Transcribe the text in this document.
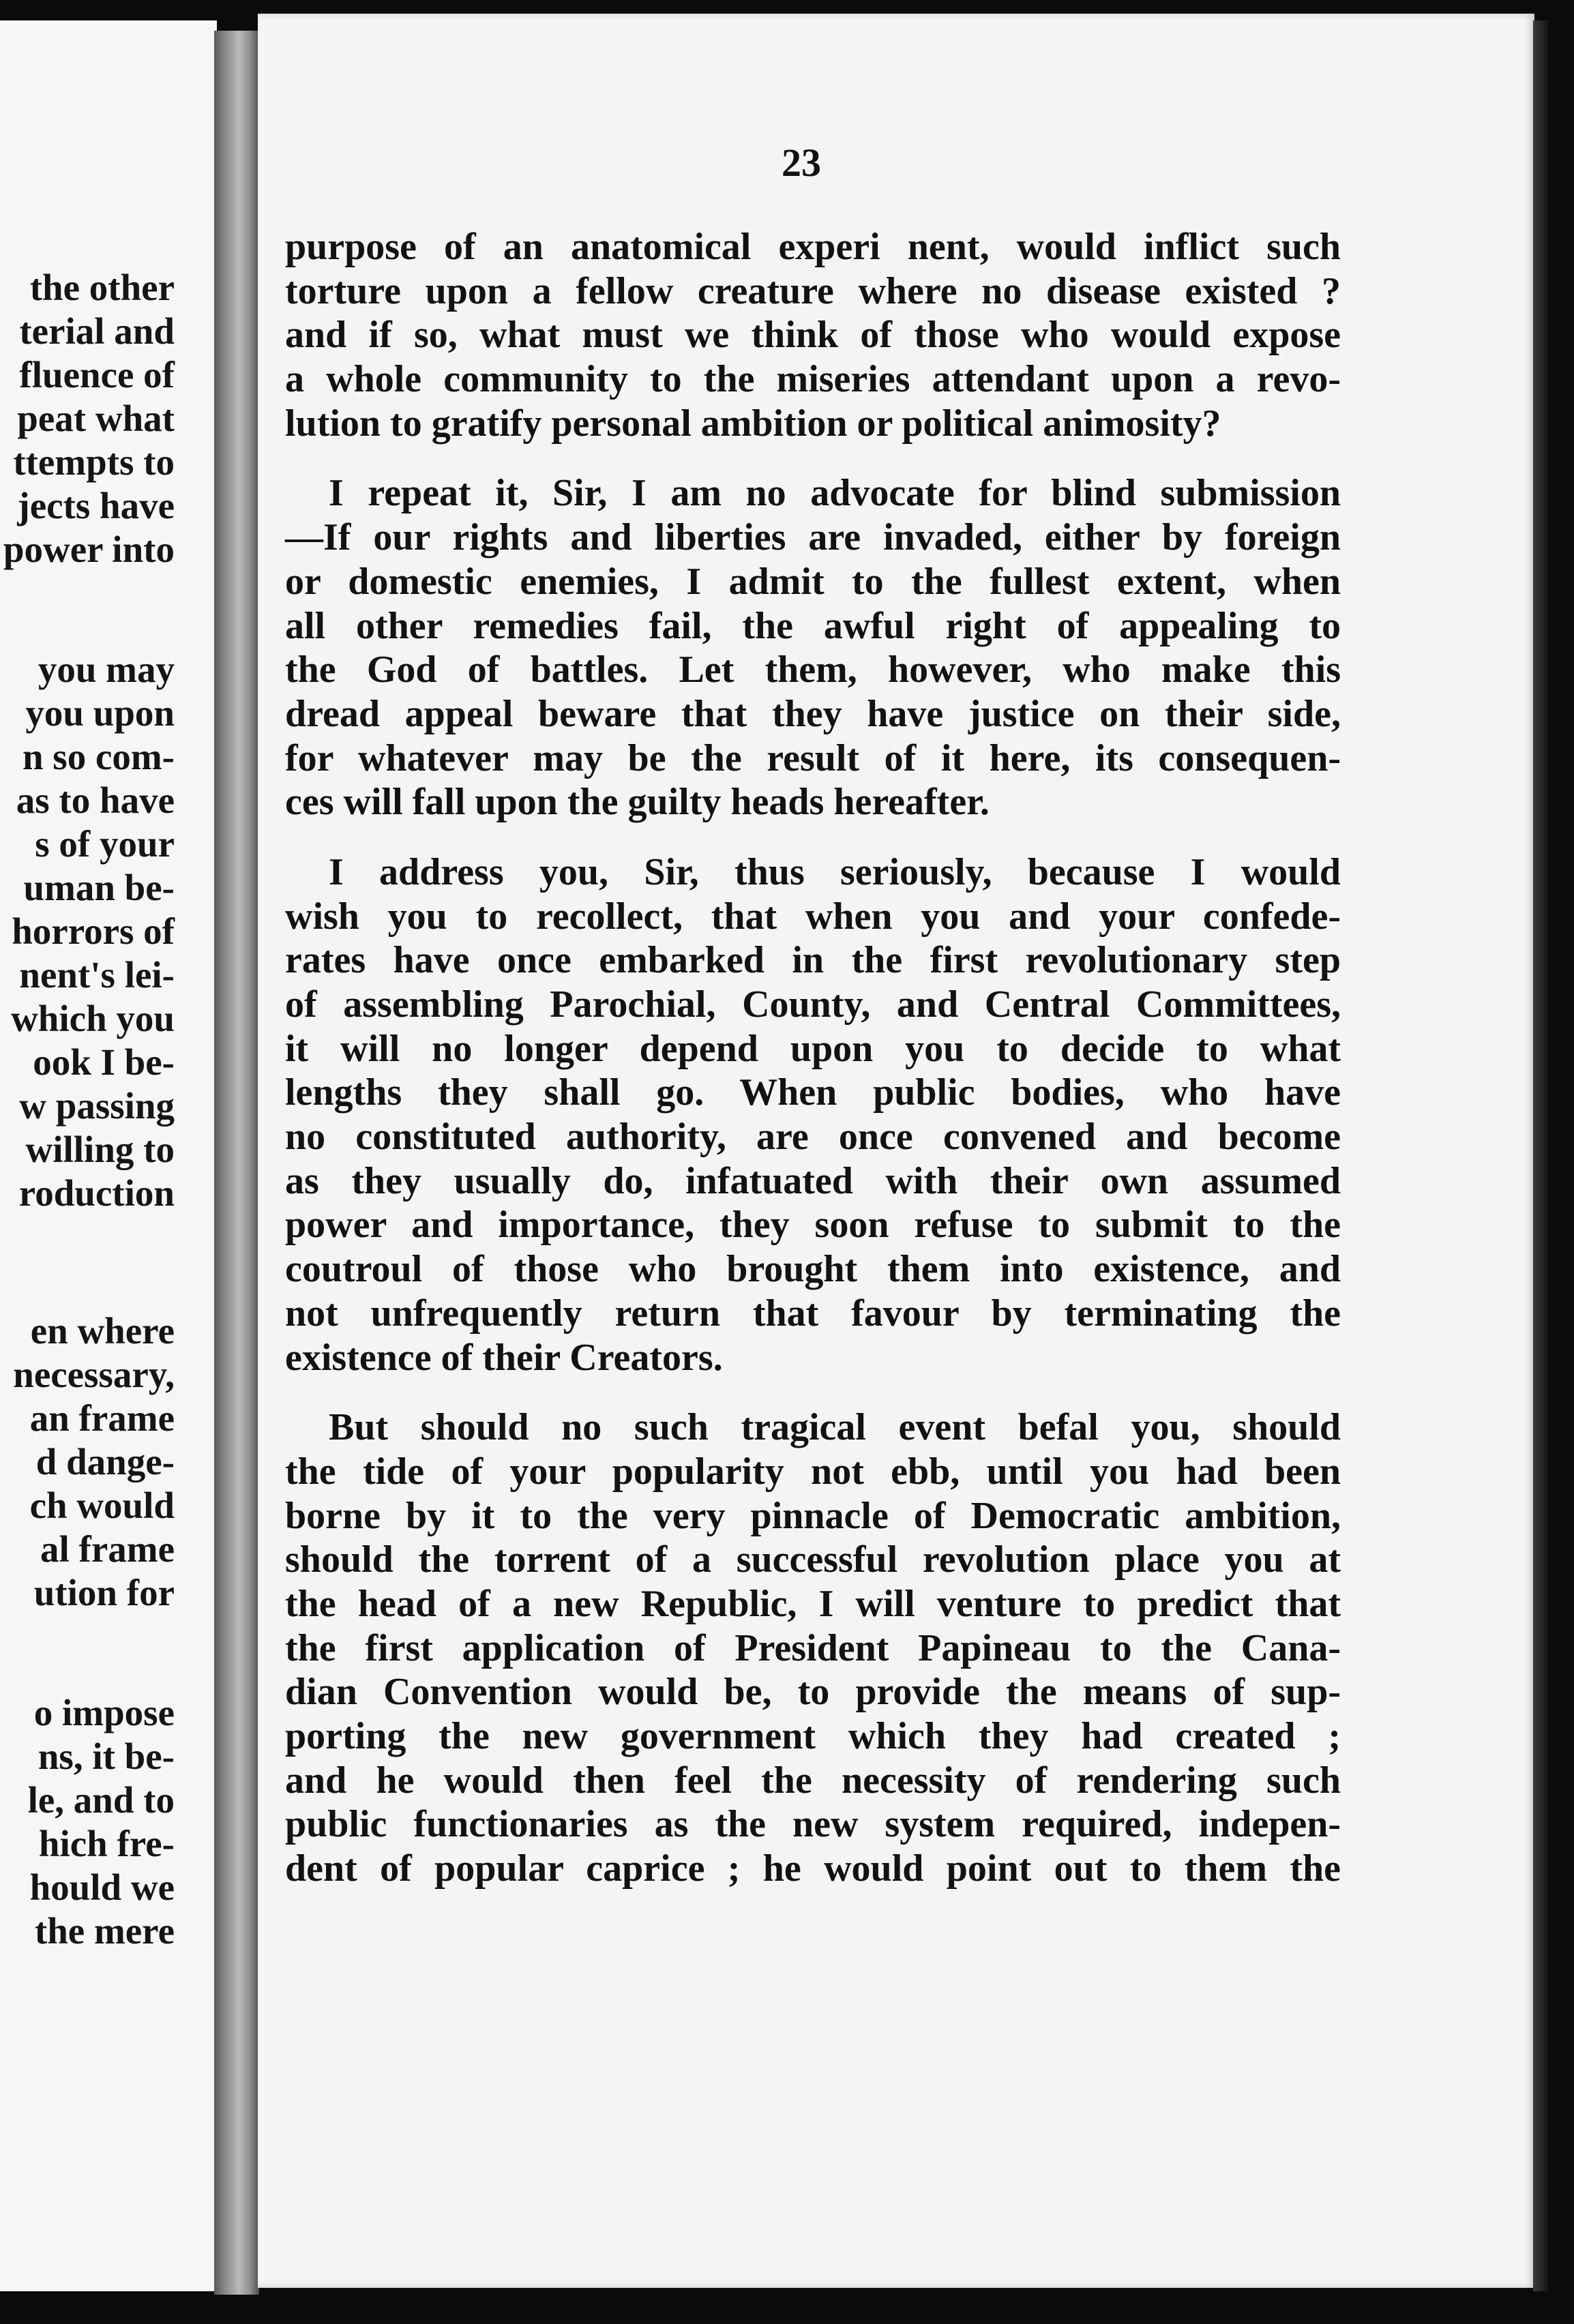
the other
terial and
fluence of
peat what
ttempts to
jects have
power into
you may
you upon
n so com-
as to have
s of your
uman be-
horrors of
nent's lei-
which you
ook I be-
w passing
willing to
roduction
en where
necessary,
an frame
d dange-
ch would
al frame
ution for
o impose
ns, it be-
le, and to
hich fre-
hould we
the mere
23
purpose of an anatomical experi nent, would inflict such
torture upon a fellow creature where no disease existed ?
and if so, what must we think of those who would expose
a whole community to the miseries attendant upon a revo-
lution to gratify personal ambition or political animosity?
I repeat it, Sir, I am no advocate for blind submission
—If our rights and liberties are invaded, either by foreign
or domestic enemies, I admit to the fullest extent, when
all other remedies fail, the awful right of appealing to
the God of battles. Let them, however, who make this
dread appeal beware that they have justice on their side,
for whatever may be the result of it here, its consequen-
ces will fall upon the guilty heads hereafter.
I address you, Sir, thus seriously, because I would
wish you to recollect, that when you and your confede-
rates have once embarked in the first revolutionary step
of assembling Parochial, County, and Central Committees,
it will no longer depend upon you to decide to what
lengths they shall go. When public bodies, who have
no constituted authority, are once convened and become
as they usually do, infatuated with their own assumed
power and importance, they soon refuse to submit to the
coutroul of those who brought them into existence, and
not unfrequently return that favour by terminating the
existence of their Creators.
But should no such tragical event befal you, should
the tide of your popularity not ebb, until you had been
borne by it to the very pinnacle of Democratic ambition,
should the torrent of a successful revolution place you at
the head of a new Republic, I will venture to predict that
the first application of President Papineau to the Cana-
dian Convention would be, to provide the means of sup-
porting the new government which they had created ;
and he would then feel the necessity of rendering such
public functionaries as the new system required, indepen-
dent of popular caprice ; he would point out to them the
